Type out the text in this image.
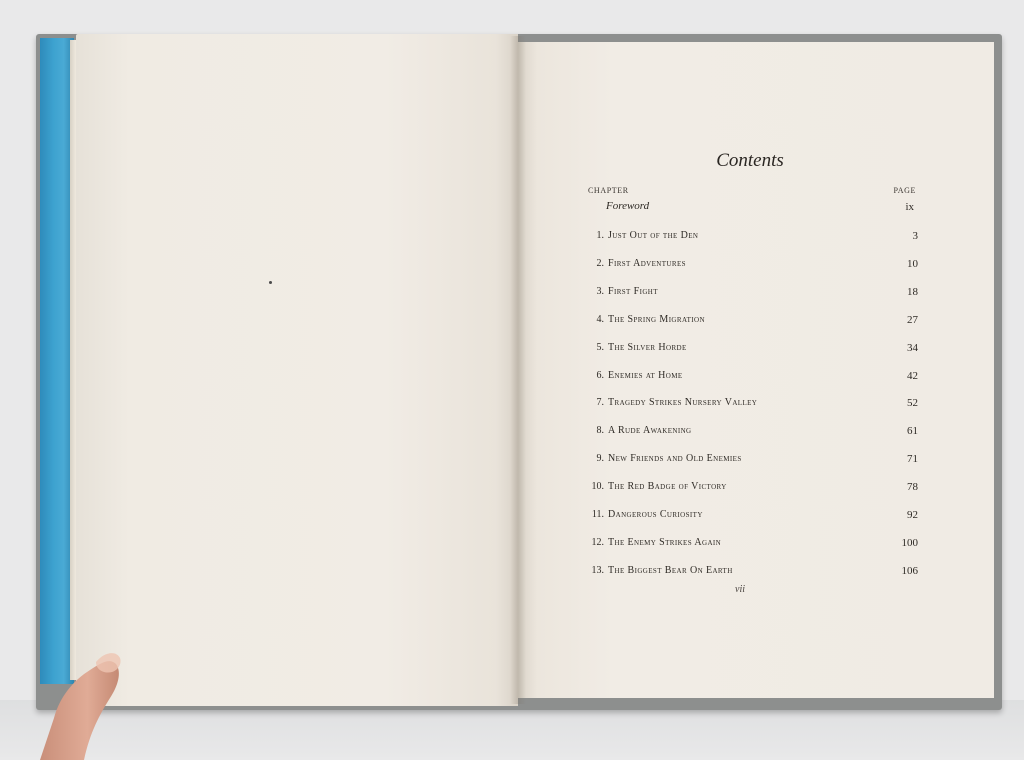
Contents
CHAPTER	PAGE
Foreword	ix
1. Just Out of the Den	3
2. First Adventures	10
3. First Fight	18
4. The Spring Migration	27
5. The Silver Horde	34
6. Enemies at Home	42
7. Tragedy Strikes Nursery Valley	52
8. A Rude Awakening	61
9. New Friends and Old Enemies	71
10. The Red Badge of Victory	78
11. Dangerous Curiosity	92
12. The Enemy Strikes Again	100
13. The Biggest Bear On Earth	106
vii
